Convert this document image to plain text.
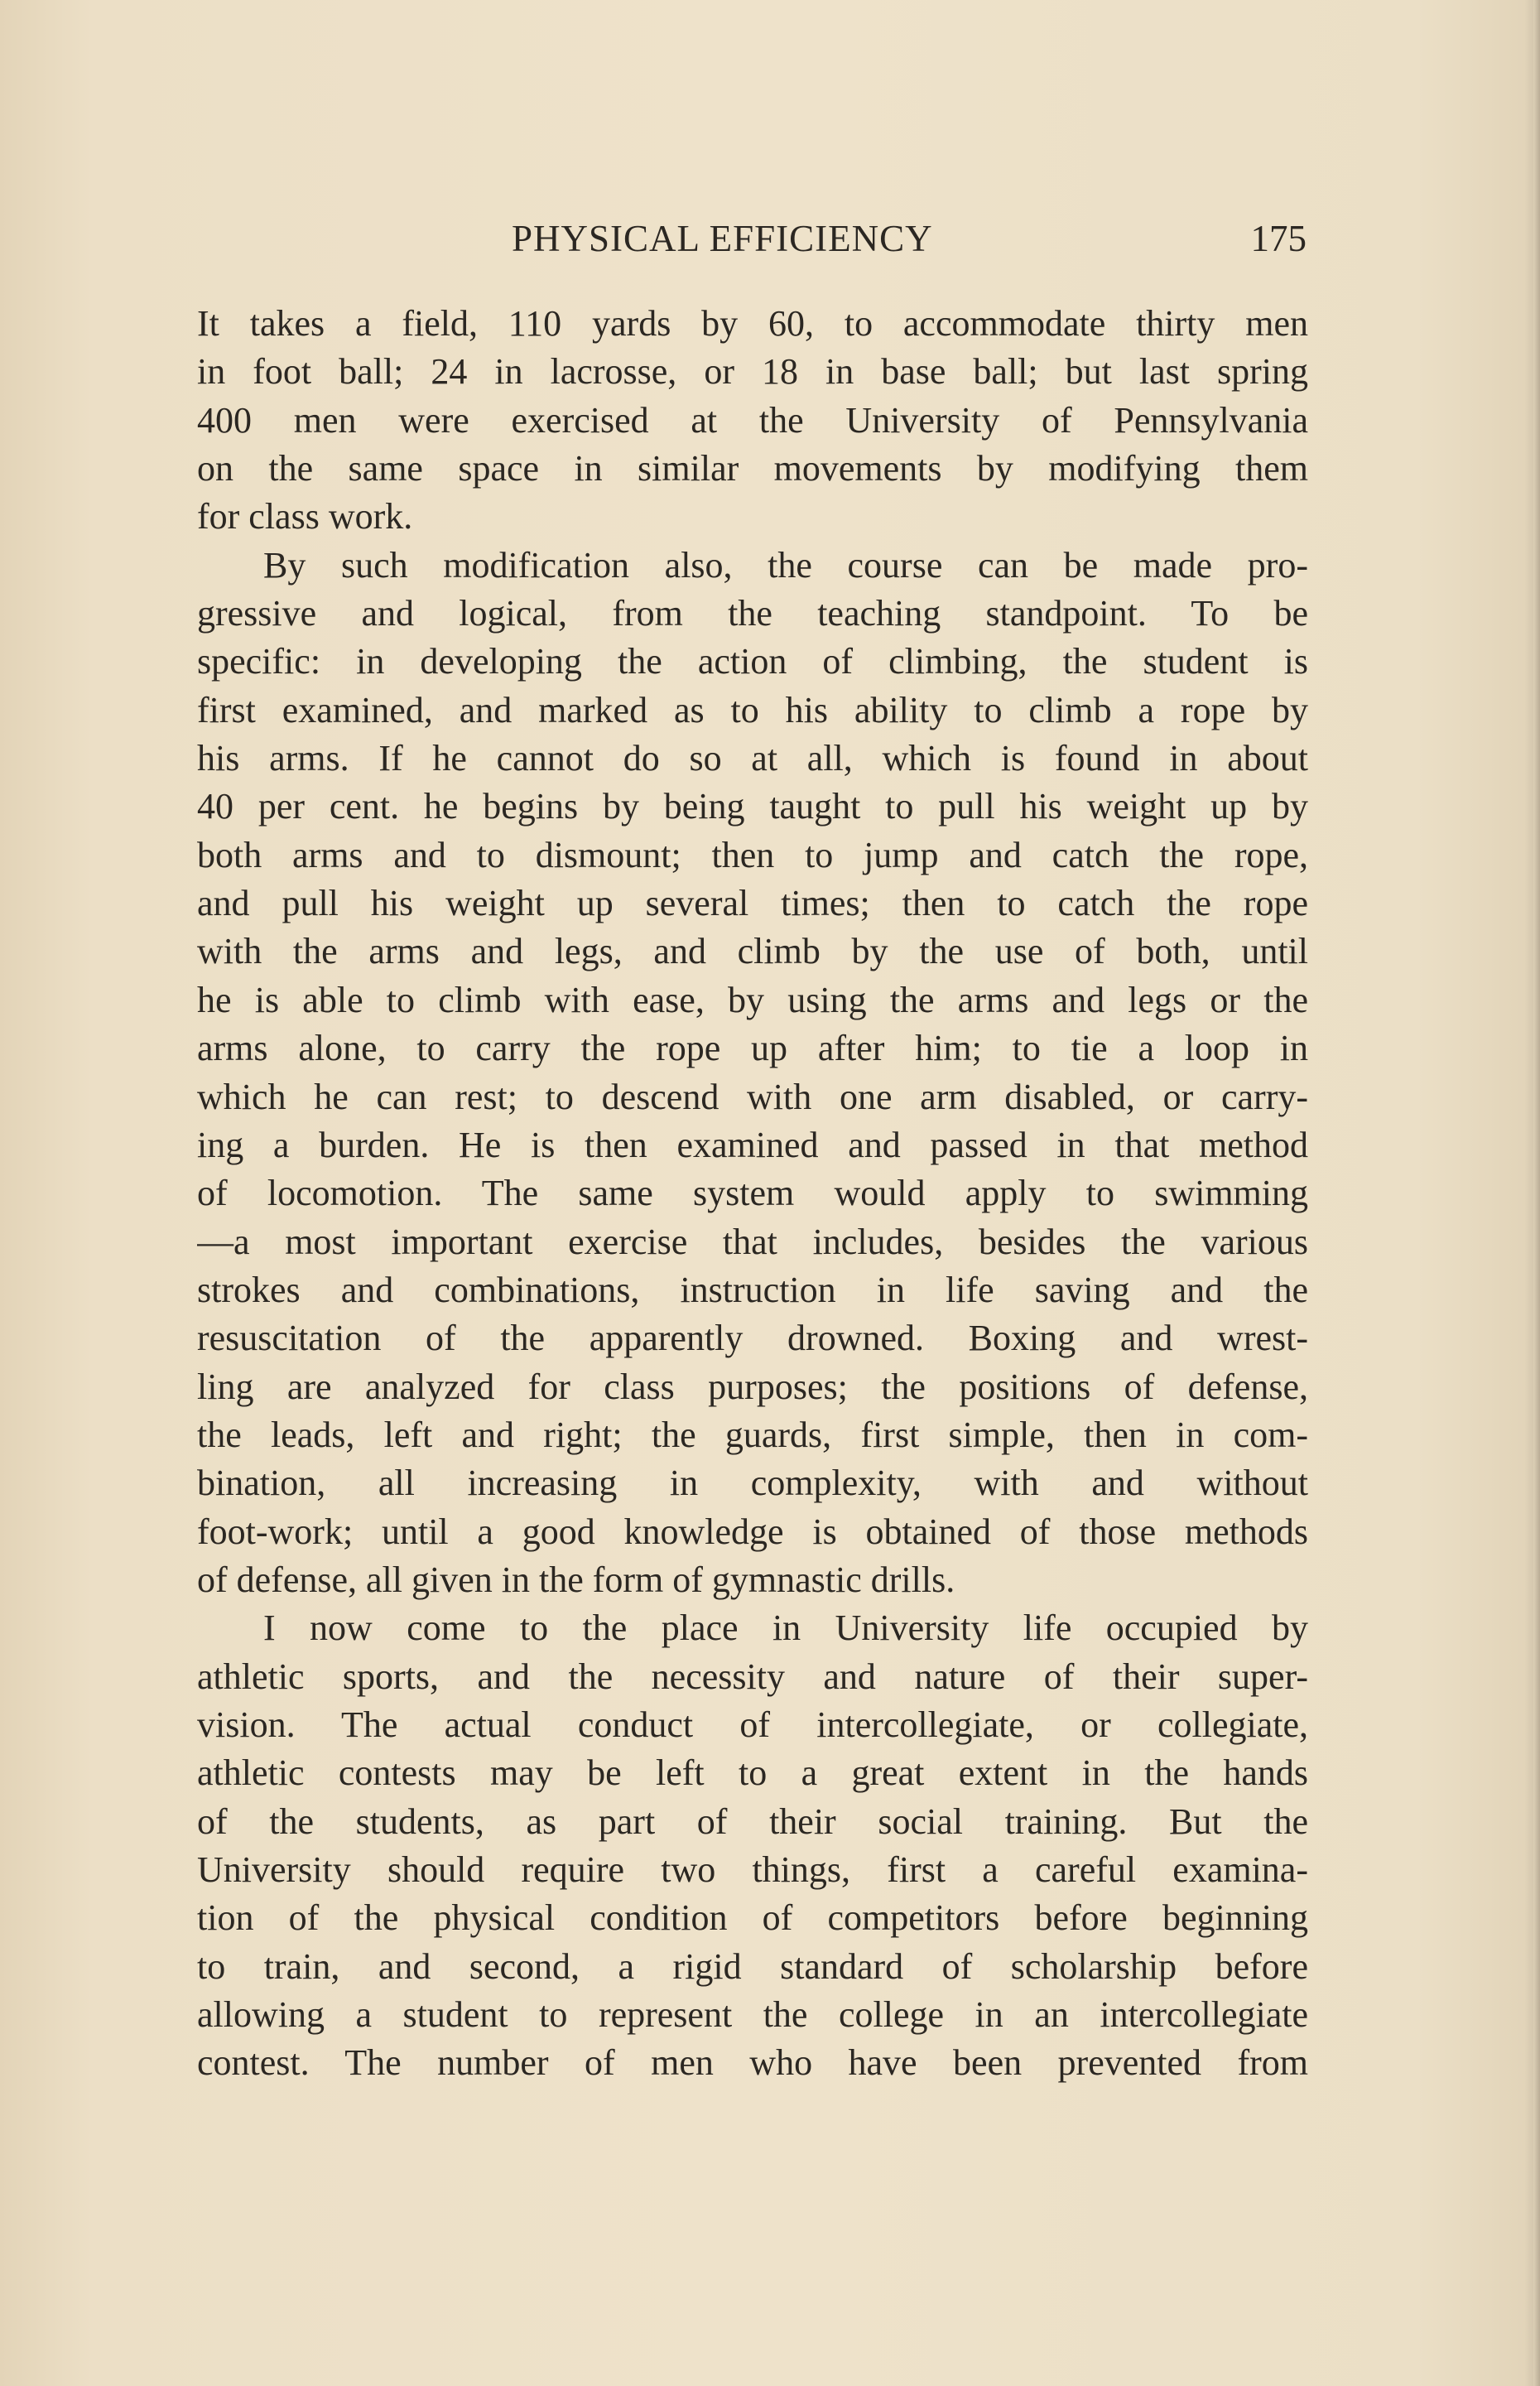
PHYSICAL EFFICIENCY	175
It takes a field, 110 yards by 60, to accommodate thirty men
in foot ball; 24 in lacrosse, or 18 in base ball; but last spring
400 men were exercised at the University of Pennsylvania
on the same space in similar movements by modifying them
for class work.
By such modification also, the course can be made pro-
gressive and logical, from the teaching standpoint. To be
specific: in developing the action of climbing, the student is
first examined, and marked as to his ability to climb a rope by
his arms. If he cannot do so at all, which is found in about
40 per cent. he begins by being taught to pull his weight up by
both arms and to dismount; then to jump and catch the rope,
and pull his weight up several times; then to catch the rope
with the arms and legs, and climb by the use of both, until
he is able to climb with ease, by using the arms and legs or the
arms alone, to carry the rope up after him; to tie a loop in
which he can rest; to descend with one arm disabled, or carry-
ing a burden. He is then examined and passed in that method
of locomotion. The same system would apply to swimming
—a most important exercise that includes, besides the various
strokes and combinations, instruction in life saving and the
resuscitation of the apparently drowned. Boxing and wrest-
ling are analyzed for class purposes; the positions of defense,
the leads, left and right; the guards, first simple, then in com-
bination, all increasing in complexity, with and without
foot-work; until a good knowledge is obtained of those methods
of defense, all given in the form of gymnastic drills.
I now come to the place in University life occupied by
athletic sports, and the necessity and nature of their super-
vision. The actual conduct of intercollegiate, or collegiate,
athletic contests may be left to a great extent in the hands
of the students, as part of their social training. But the
University should require two things, first a careful examina-
tion of the physical condition of competitors before beginning
to train, and second, a rigid standard of scholarship before
allowing a student to represent the college in an intercollegiate
contest. The number of men who have been prevented from
